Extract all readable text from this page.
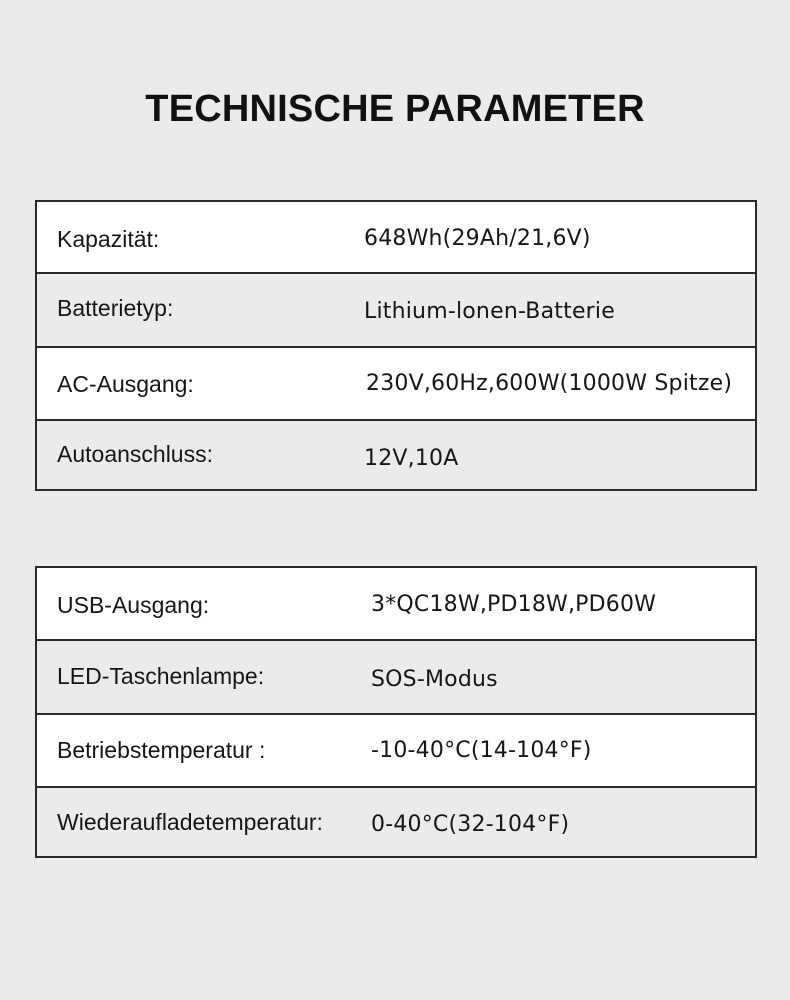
TECHNISCHE PARAMETER
Kapazität:	648Wh(29Ah/21,6V)
Batterietyp:	Lithium-lonen-Batterie
AC-Ausgang:	230V,60Hz,600W(1000W Spitze)
Autoanschluss:	12V,10A
USB-Ausgang:	3*QC18W,PD18W,PD60W
LED-Taschenlampe:	SOS-Modus
Betriebstemperatur :	-10-40°C(14-104°F)
Wiederaufladetemperatur: 0-40°C(32-104°F)
